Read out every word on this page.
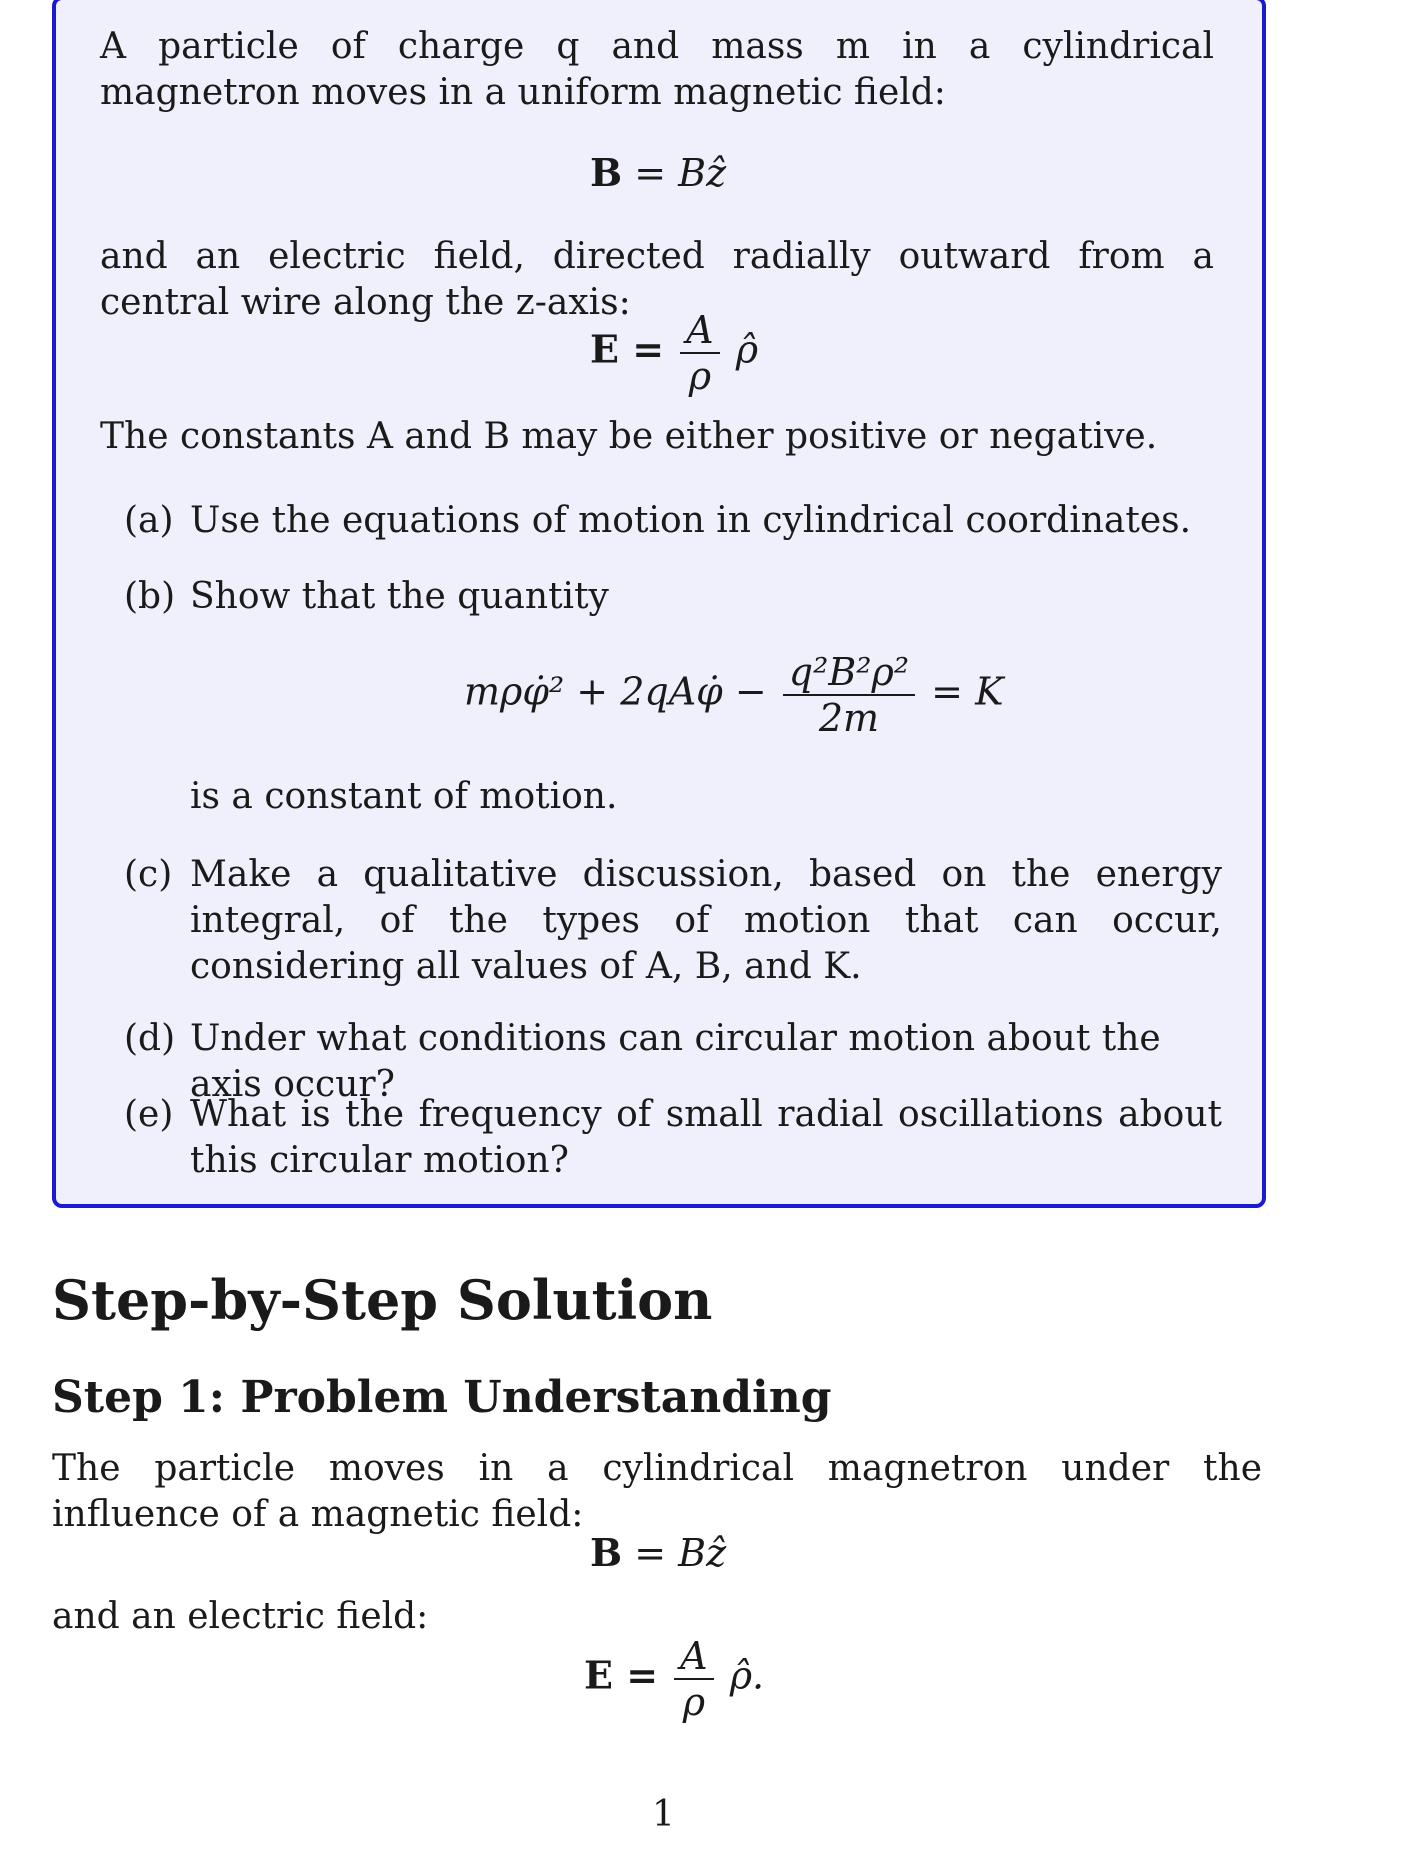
A particle of charge q and mass m in a cylindrical magnetron moves in a uniform magnetic field:

B = Bẑ

and an electric field, directed radially outward from a central wire along the z-axis:

$E = \frac{A}{\rho}$ ρ̂

The constants A and B may be either positive or negative.

(a) Use the equations of motion in cylindrical coordinates.
(b) Show that the quantity
mρφ̇² + 2qAφ̇ − $\frac{\text{q²B²ρ²}}{2m} = K$

is a constant of motion.

(c) Make a qualitative discussion, based on the energy integral, of the types of motion that can occur, considering all values of A, B, and K.
(d) Under what conditions can circular motion about the axis occur?
(e) What is the frequency of small radial oscillations about this circular motion?
Step-by-Step Solution
Step 1: Problem Understanding

The particle moves in a cylindrical magnetron under the influence of a magnetic field:

B = Bẑ

and an electric field:

$E = \frac{A}{\rho}$ ρ̂.
1
